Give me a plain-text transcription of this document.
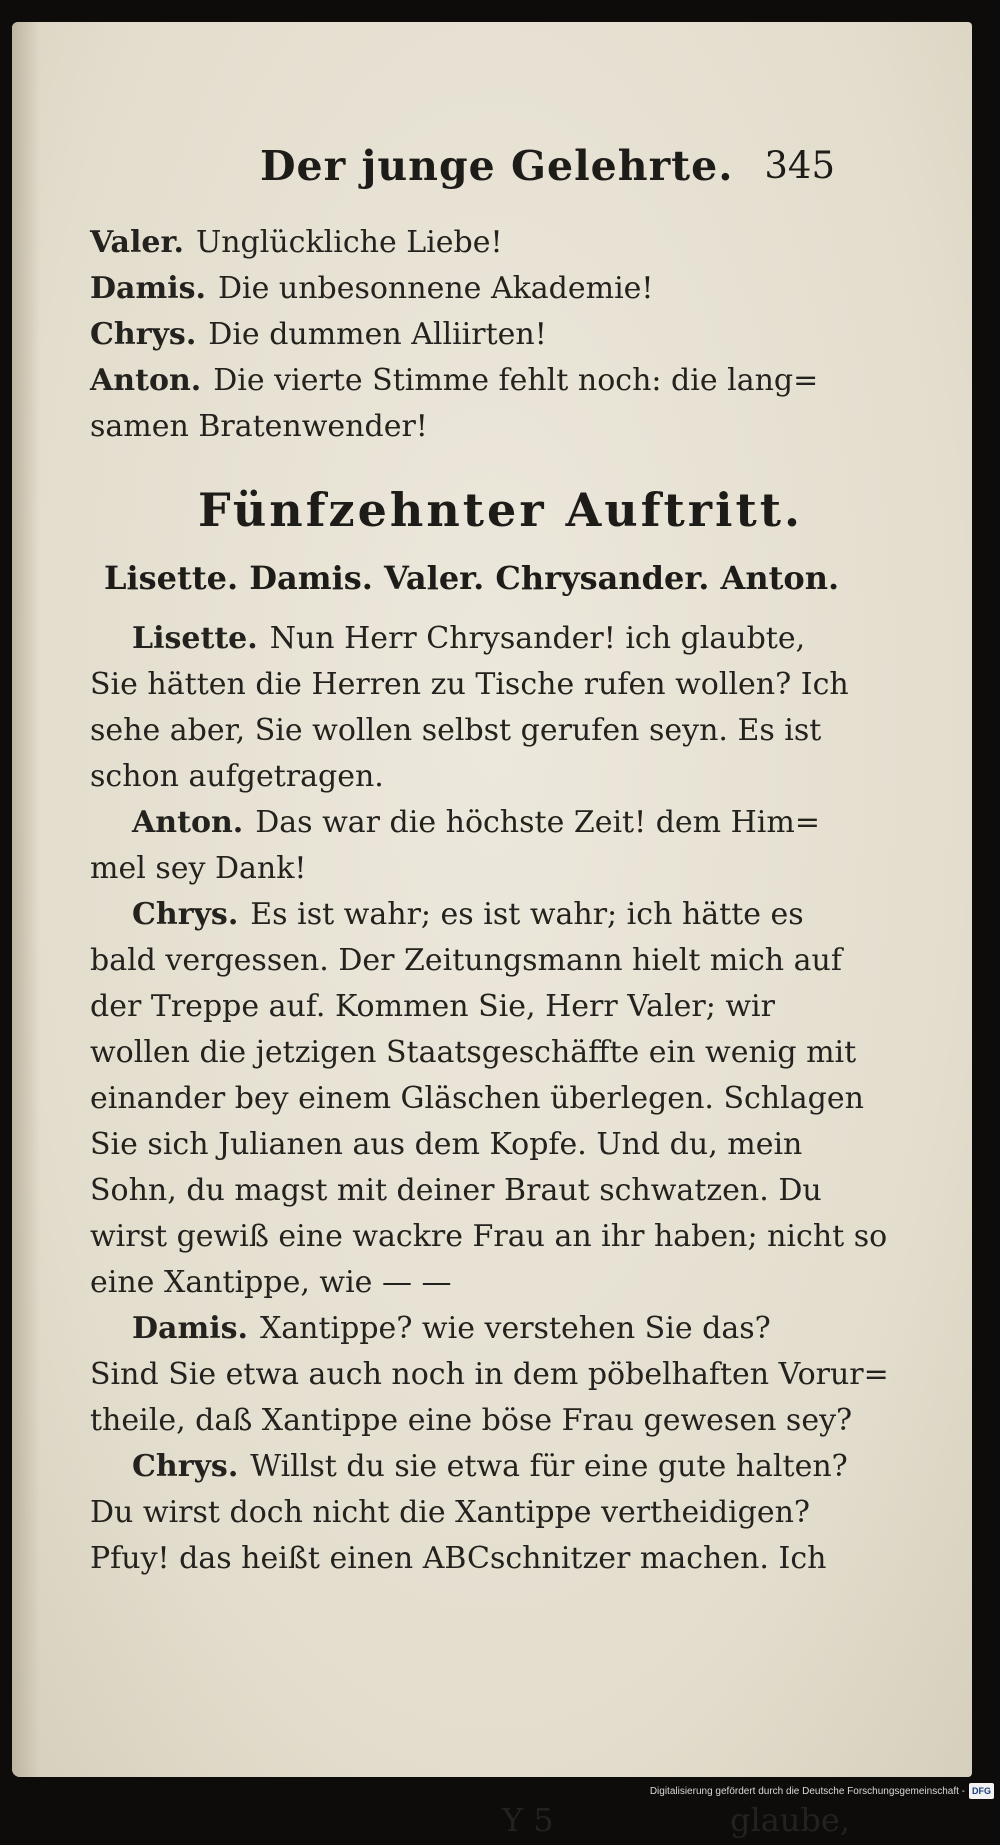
Der junge Gelehrte. 345
Valer. Unglückliche Liebe!
Damis. Die unbesonnene Akademie!
Chrys. Die dummen Alliirten!
Anton. Die vierte Stimme fehlt noch: die lang=
samen Bratenwender!
Fünfzehnter Auftritt.
Lisette. Damis. Valer. Chrysander. Anton.
Lisette. Nun Herr Chrysander! ich glaubte,
Sie hätten die Herren zu Tische rufen wollen? Ich
sehe aber, Sie wollen selbst gerufen seyn. Es ist
schon aufgetragen.
Anton. Das war die höchste Zeit! dem Him=
mel sey Dank!
Chrys. Es ist wahr; es ist wahr; ich hätte es
bald vergessen. Der Zeitungsmann hielt mich auf
der Treppe auf. Kommen Sie, Herr Valer; wir
wollen die jetzigen Staatsgeschäffte ein wenig mit
einander bey einem Gläschen überlegen. Schlagen
Sie sich Julianen aus dem Kopfe. Und du, mein
Sohn, du magst mit deiner Braut schwatzen. Du
wirst gewiß eine wackre Frau an ihr haben; nicht so
eine Xantippe, wie — —
Damis. Xantippe? wie verstehen Sie das?
Sind Sie etwa auch noch in dem pöbelhaften Vorur=
theile, daß Xantippe eine böse Frau gewesen sey?
Chrys. Willst du sie etwa für eine gute halten?
Du wirst doch nicht die Xantippe vertheidigen?
Pfuy! das heißt einen ABCschnitzer machen. Ich
Y 5	glaube,
Digitalisierung gefördert durch die Deutsche Forschungsgemeinschaft - DFG
